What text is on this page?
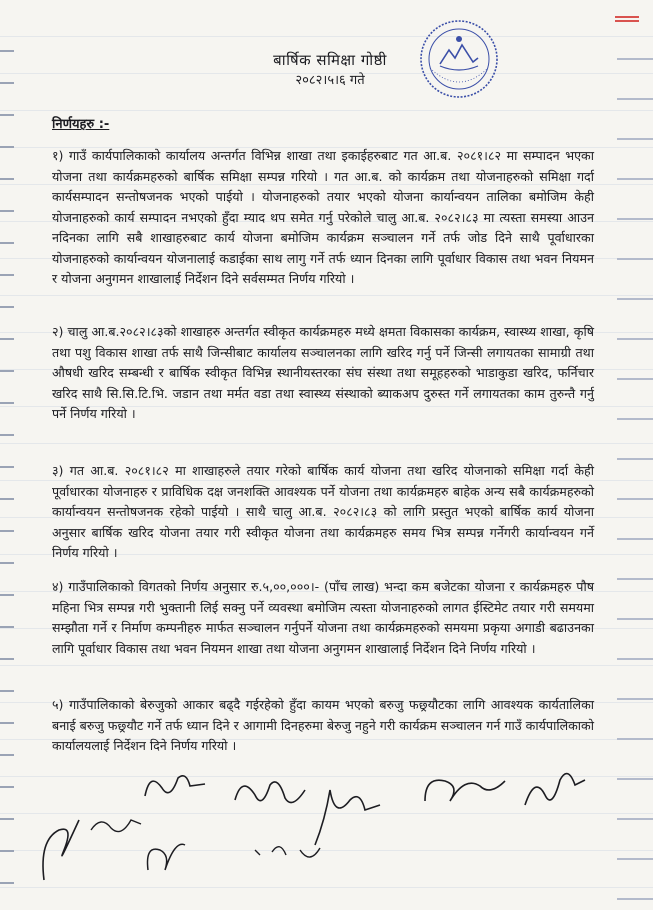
बार्षिक समिक्षा गोष्ठी
२०८२।५।६ गते
निर्णयहरु :-
१) गाउँ कार्यपालिकाको कार्यालय अन्तर्गत विभिन्न शाखा तथा इकाईहरुबाट गत आ.ब. २०८१।८२ मा सम्पादन भएका योजना तथा कार्यक्रमहरुको बार्षिक समिक्षा सम्पन्न गरियो । गत आ.ब. को कार्यक्रम तथा योजनाहरुको समिक्षा गर्दा कार्यसम्पादन सन्तोषजनक भएको पाईयो । योजनाहरुको तयार भएको योजना कार्यान्वयन तालिका बमोजिम केही योजनाहरुको कार्य सम्पादन नभएको हुँदा म्याद थप समेत गर्नु परेकोले चालु आ.ब. २०८२।८३ मा त्यस्ता समस्या आउन नदिनका लागि सबै शाखाहरुबाट कार्य योजना बमोजिम कार्यक्रम सञ्चालन गर्ने तर्फ जोड दिने साथै पूर्वाधारका योजनाहरुको कार्यान्वयन योजनालाई कडाईका साथ लागु गर्ने तर्फ ध्यान दिनका लागि पूर्वाधार विकास तथा भवन नियमन र योजना अनुगमन शाखालाई निर्देशन दिने सर्वसम्मत निर्णय गरियो ।
२) चालु आ.ब.२०८२।८३को शाखाहरु अन्तर्गत स्वीकृत कार्यक्रमहरु मध्ये क्षमता विकासका कार्यक्रम, स्वास्थ्य शाखा, कृषि तथा पशु विकास शाखा तर्फ साथै जिन्सीबाट कार्यालय सञ्चालनका लागि खरिद गर्नु पर्ने जिन्सी लगायतका सामाग्री तथा औषधी खरिद सम्बन्धी र बार्षिक स्वीकृत विभिन्न स्थानीयस्तरका संघ संस्था तथा समूहहरुको भाडाकुडा खरिद, फर्निचार खरिद साथै सि.सि.टि.भि. जडान तथा मर्मत वडा तथा स्वास्थ्य संस्थाको ब्याकअप दुरुस्त गर्ने लगायतका काम तुरुन्तै गर्नु पर्ने निर्णय गरियो ।
३) गत आ.ब. २०८१।८२ मा शाखाहरुले तयार गरेको बार्षिक कार्य योजना तथा खरिद योजनाको समिक्षा गर्दा केही पूर्वाधारका योजनाहरु र प्राविधिक दक्ष जनशक्ति आवश्यक पर्ने योजना तथा कार्यक्रमहरु बाहेक अन्य सबै कार्यक्रमहरुको कार्यान्वयन सन्तोषजनक रहेको पाईयो । साथै चालु आ.ब. २०८२।८३ को लागि प्रस्तुत भएको बार्षिक कार्य योजना अनुसार बार्षिक खरिद योजना तयार गरी स्वीकृत योजना तथा कार्यक्रमहरु समय भित्र सम्पन्न गर्नेगरी कार्यान्वयन गर्ने निर्णय गरियो ।
४) गाउँपालिकाको विगतको निर्णय अनुसार रु.५,००,०००।- (पाँच लाख) भन्दा कम बजेटका योजना र कार्यक्रमहरु पौष महिना भित्र सम्पन्न गरी भुक्तानी लिई सक्नु पर्ने व्यवस्था बमोजिम त्यस्ता योजनाहरुको लागत ईस्टिमेट तयार गरी समयमा सम्झौता गर्ने र निर्माण कम्पनीहरु मार्फत सञ्चालन गर्नुपर्ने योजना तथा कार्यक्रमहरुको समयमा प्रकृया अगाडी बढाउनका लागि पूर्वाधार विकास तथा भवन नियमन शाखा तथा योजना अनुगमन शाखालाई निर्देशन दिने निर्णय गरियो ।
५) गाउँपालिकाको बेरुजुको आकार बढ्दै गईरहेको हुँदा कायम भएको बरुजु फछ्र्यौटका लागि आवश्यक कार्यतालिका बनाई बरुजु फछ्र्यौट गर्ने तर्फ ध्यान दिने र आगामी दिनहरुमा बेरुजु नहुने गरी कार्यक्रम सञ्चालन गर्न गाउँ कार्यपालिकाको कार्यालयलाई निर्देशन दिने निर्णय गरियो ।
